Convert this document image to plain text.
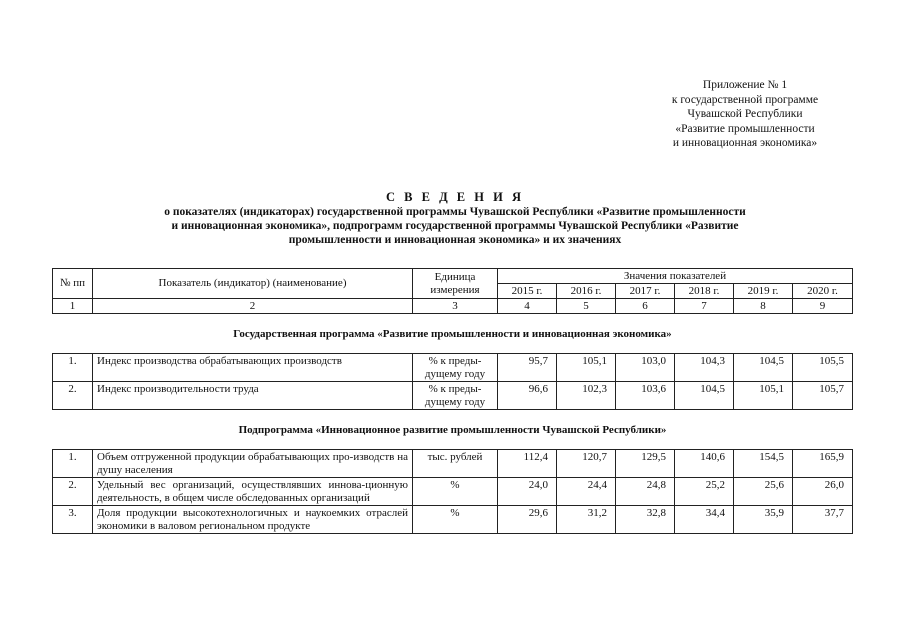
Приложение № 1
к государственной программе
Чувашской Республики
«Развитие промышленности
и инновационная экономика»
С В Е Д Е Н И Я
о показателях (индикаторах) государственной программы Чувашской Республики «Развитие промышленности
и инновационная экономика», подпрограмм государственной программы Чувашской Республики «Развитие
промышленности и инновационная экономика» и их значениях
№ пп	Показатель (индикатор) (наименование)	Единица измерения	Значения показателей					
			2015 г.	2016 г.	2017 г.	2018 г.	2019 г.	2020 г.
1	2	3	4	5	6	7	8	9

Государственная программа «Развитие промышленности и инновационная экономика»								

1.	Индекс производства обрабатывающих производств	% к преды-дущему году	95,7	105,1	103,0	104,3	104,5	105,5
2.	Индекс производительности труда	% к преды-дущему году	96,6	102,3	103,6	104,5	105,1	105,7

Подпрограмма «Инновационное развитие промышленности Чувашской Республики»								

1.	Объем отгруженной продукции обрабатывающих про-изводств на душу населения	тыс. рублей	112,4	120,7	129,5	140,6	154,5	165,9
2.	Удельный вес организаций, осуществлявших иннова-ционную деятельность, в общем числе обследованных организаций	%	24,0	24,4	24,8	25,2	25,6	26,0
3.	Доля продукции высокотехнологичных и наукоемких отраслей экономики в валовом региональном продукте	%	29,6	31,2	32,8	34,4	35,9	37,7
